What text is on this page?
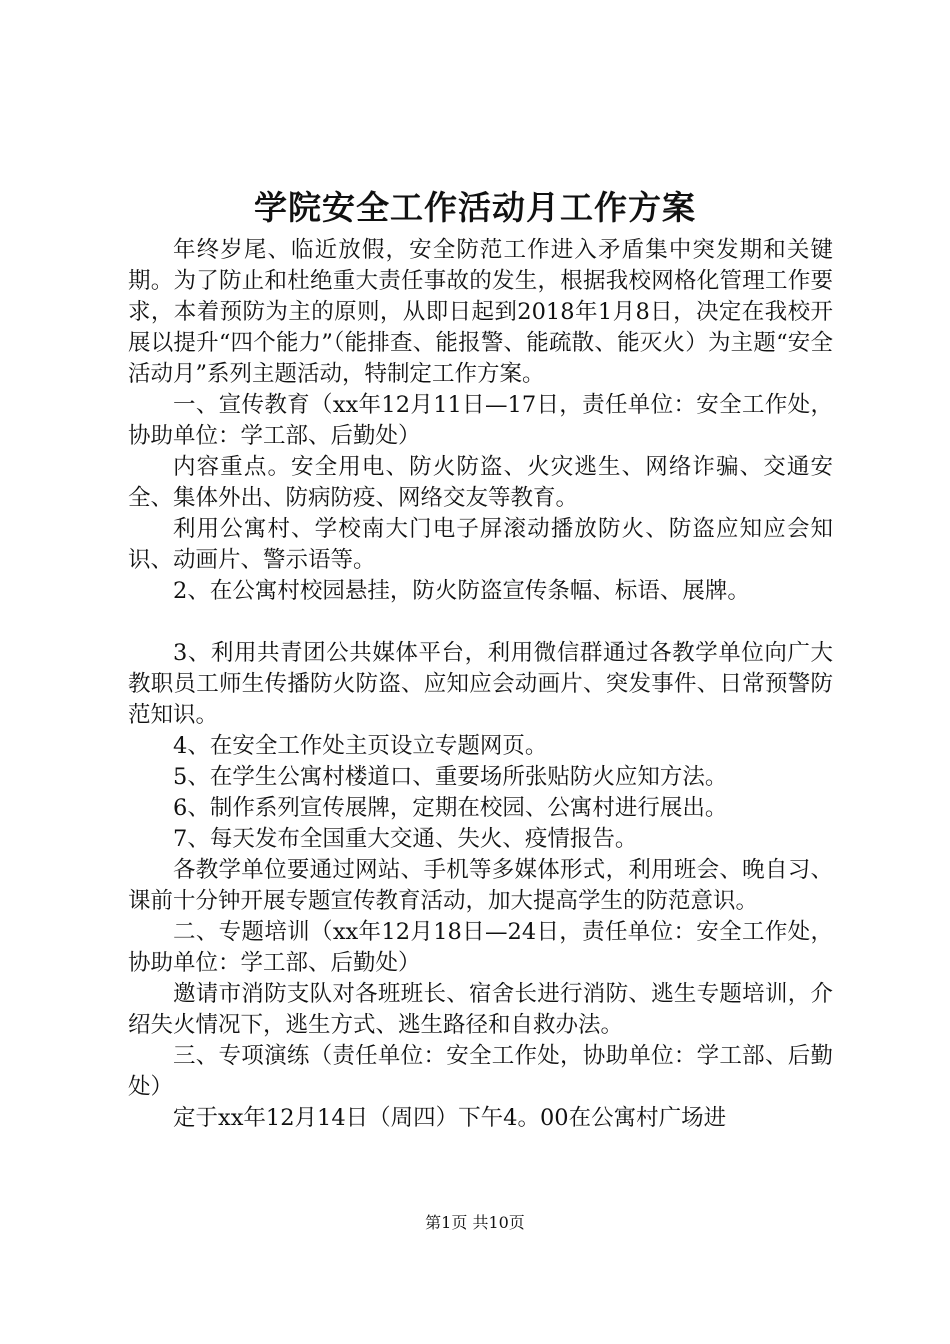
学院安全工作活动月工作方案

年终岁尾、临近放假，安全防范工作进入矛盾集中突发期和关键期。为了防止和杜绝重大责任事故的发生，根据我校网格化管理工作要求，本着预防为主的原则，从即日起到2018年1月8日，决定在我校开展以提升“四个能力”（能排查、能报警、能疏散、能灭火）为主题“安全活动月”系列主题活动，特制定工作方案。

一、宣传教育（xx年12月11日—17日，责任单位：安全工作处，协助单位：学工部、后勤处）

内容重点。安全用电、防火防盗、火灾逃生、网络诈骗、交通安全、集体外出、防病防疫、网络交友等教育。

利用公寓村、学校南大门电子屏滚动播放防火、防盗应知应会知识、动画片、警示语等。

2、在公寓村校园悬挂，防火防盗宣传条幅、标语、展牌。

3、利用共青团公共媒体平台，利用微信群通过各教学单位向广大教职员工师生传播防火防盗、应知应会动画片、突发事件、日常预警防范知识。

4、在安全工作处主页设立专题网页。

5、在学生公寓村楼道口、重要场所张贴防火应知方法。

6、制作系列宣传展牌，定期在校园、公寓村进行展出。

7、每天发布全国重大交通、失火、疫情报告。

各教学单位要通过网站、手机等多媒体形式，利用班会、晚自习、课前十分钟开展专题宣传教育活动，加大提高学生的防范意识。

二、专题培训（xx年12月18日—24日，责任单位：安全工作处，协助单位：学工部、后勤处）

邀请市消防支队对各班班长、宿舍长进行消防、逃生专题培训，介绍失火情况下，逃生方式、逃生路径和自救办法。

三、专项演练（责任单位：安全工作处，协助单位：学工部、后勤处）

定于xx年12月14日（周四）下午4。00在公寓村广场进

第1页 共10页
